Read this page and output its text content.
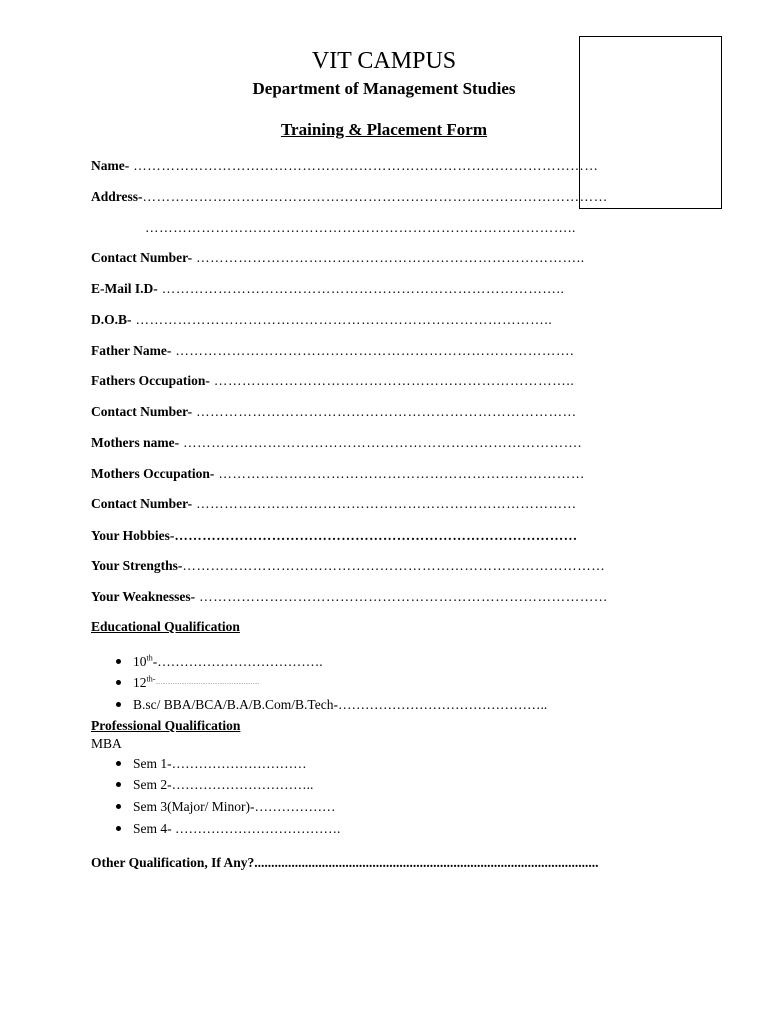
VIT CAMPUS
Department of Management Studies
Training & Placement Form
Name- ………………………………………………………………………………………
Address-………………………………………………………………………………………
………………………………………………………………………………..
Contact Number- ………………………………………………………………………..
E-Mail I.D- …………………………………………………………………………..
D.O.B- ……………………………………………………………………………..
Father Name- ………………………………………………………………………….
Fathers Occupation- …………………………………………………………………..
Contact Number- ………………………………………………………………………
Mothers name- ………………………………………………………………………….
Mothers Occupation- ……………………………………………………………………
Contact Number- ………………………………………………………………………
Your Hobbies-……………………………………………………………………………
Your Strengths-………………………………………………………………………………
Your Weaknesses- ……………………………………………………………………………
Educational Qualification
10th-……………………………….
$12^{th-\dots\dots\dots\dots\dots\dots\dots\dots\dots\dots\dots\dots\dots\dots\dots\dots\dots\dots\dots\dots}$
B.sc/ BBA/BCA/B.A/B.Com/B.Tech-………………………………………..
Professional Qualification
MBA
Sem 1-…………………………
Sem 2-…………………………..
Sem 3(Major/ Minor)-………………
Sem 4- ……………………………….
Other Qualification, If Any?......................................................................................................
